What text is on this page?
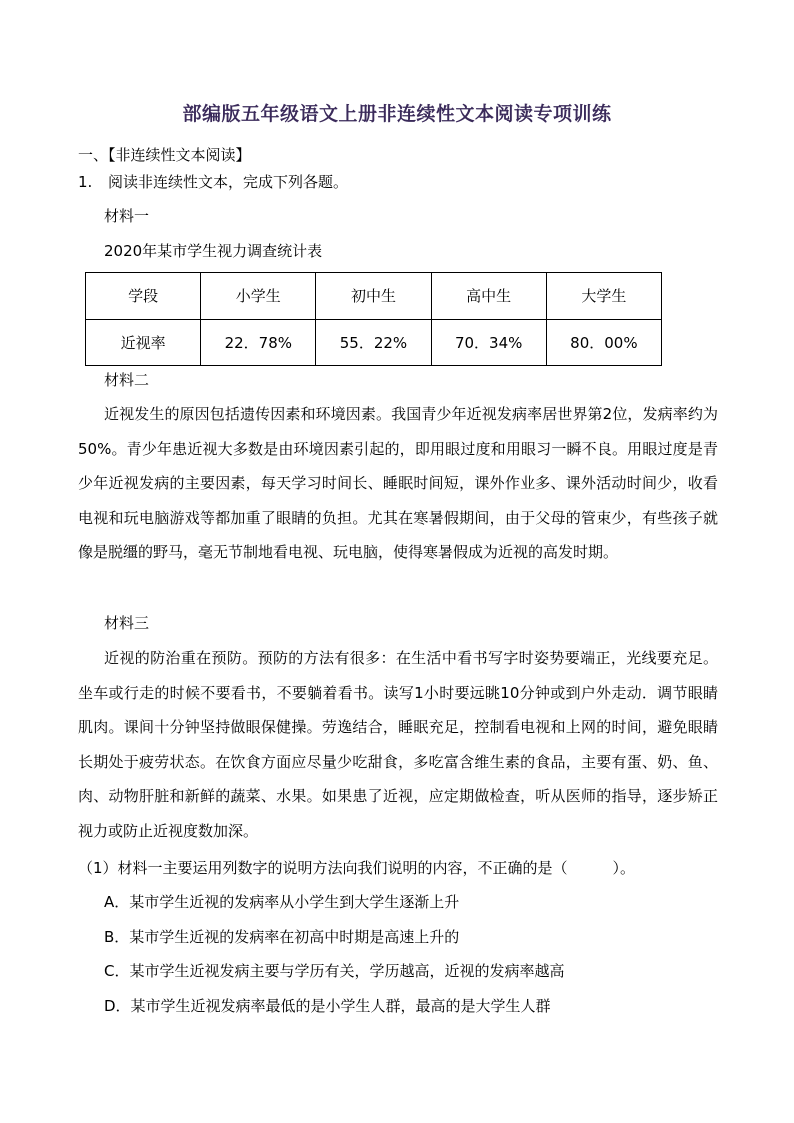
部编版五年级语文上册非连续性文本阅读专项训练
一、【非连续性文本阅读】
1. 阅读非连续性文本，完成下列各题。
材料一
2020年某市学生视力调查统计表
学段	小学生	初中生	高中生	大学生
近视率	22．78%	55．22%	70．34%	80．00%
材料二
近视发生的原因包括遗传因素和环境因素。我国青少年近视发病率居世界第2位，发病率约为50%。青少年患近视大多数是由环境因素引起的，即用眼过度和用眼习一瞬不良。用眼过度是青少年近视发病的主要因素，每天学习时间长、睡眠时间短，课外作业多、课外活动时间少，收看电视和玩电脑游戏等都加重了眼睛的负担。尤其在寒暑假期间，由于父母的管束少，有些孩子就像是脱缰的野马，毫无节制地看电视、玩电脑，使得寒暑假成为近视的高发时期。
材料三
近视的防治重在预防。预防的方法有很多：在生活中看书写字时姿势要端正，光线要充足。坐车或行走的时候不要看书，不要躺着看书。读写1小时要远眺10分钟或到户外走动．调节眼睛肌肉。课间十分钟坚持做眼保健操。劳逸结合，睡眠充足，控制看电视和上网的时间，避免眼睛长期处于疲劳状态。在饮食方面应尽量少吃甜食，多吃富含维生素的食品，主要有蛋、奶、鱼、肉、动物肝脏和新鲜的蔬菜、水果。如果患了近视，应定期做检查，听从医师的指导，逐步矫正视力或防止近视度数加深。
（1）材料一主要运用列数字的说明方法向我们说明的内容，不正确的是（　　　）。
A．某市学生近视的发病率从小学生到大学生逐渐上升
B．某市学生近视的发病率在初高中时期是高速上升的
C．某市学生近视发病主要与学历有关，学历越高，近视的发病率越高
D．某市学生近视发病率最低的是小学生人群，最高的是大学生人群
